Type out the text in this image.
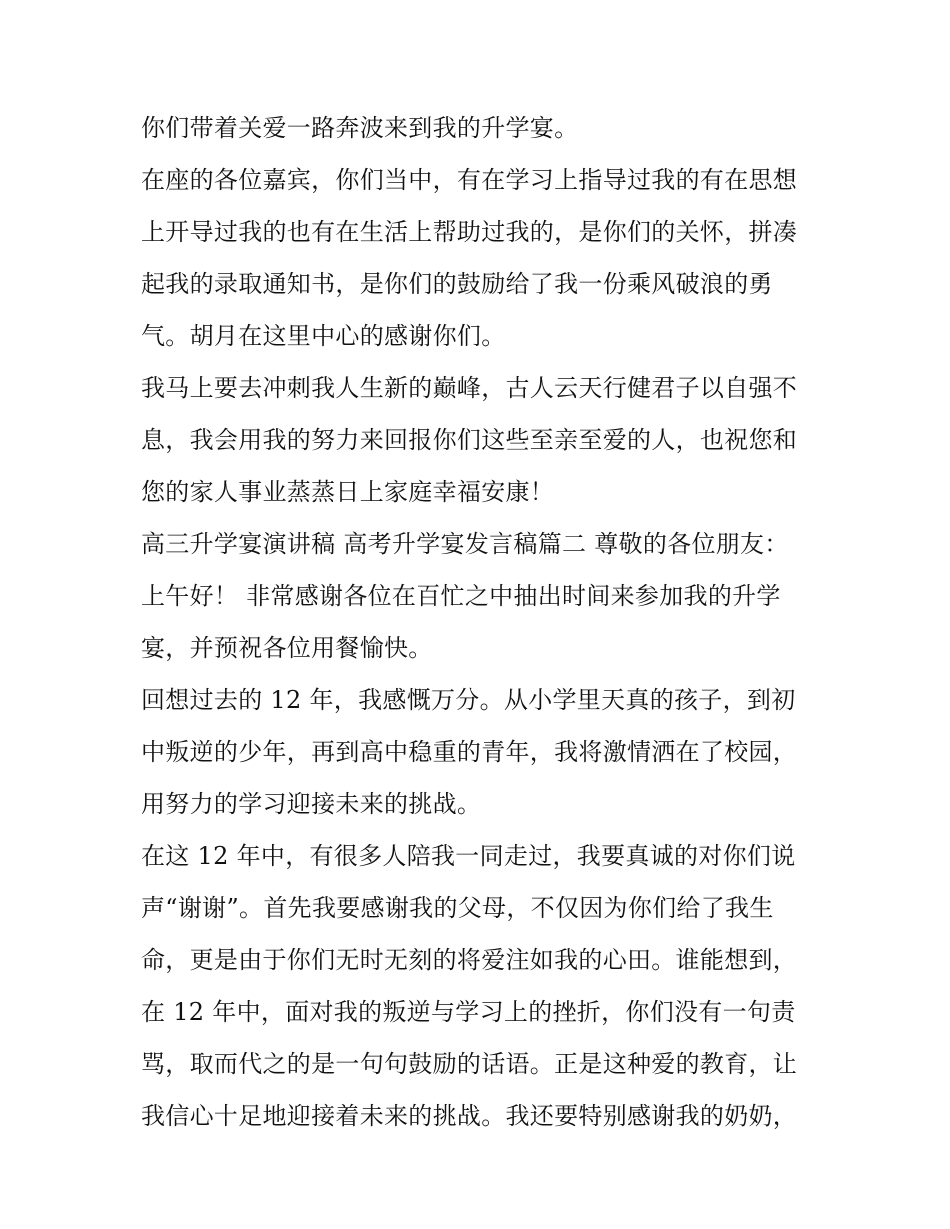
你们带着关爱一路奔波来到我的升学宴。
在座的各位嘉宾，你们当中，有在学习上指导过我的有在思想
上开导过我的也有在生活上帮助过我的，是你们的关怀，拼凑
起我的录取通知书，是你们的鼓励给了我一份乘风破浪的勇
气。胡月在这里中心的感谢你们。
我马上要去冲刺我人生新的巅峰，古人云天行健君子以自强不
息，我会用我的努力来回报你们这些至亲至爱的人，也祝您和
您的家人事业蒸蒸日上家庭幸福安康！
高三升学宴演讲稿 高考升学宴发言稿篇二 尊敬的各位朋友：
上午好！ 非常感谢各位在百忙之中抽出时间来参加我的升学
宴，并预祝各位用餐愉快。
回想过去的 12 年，我感慨万分。从小学里天真的孩子，到初
中叛逆的少年，再到高中稳重的青年，我将激情洒在了校园，
用努力的学习迎接未来的挑战。
在这 12 年中，有很多人陪我一同走过，我要真诚的对你们说
声“谢谢”。首先我要感谢我的父母，不仅因为你们给了我生
命，更是由于你们无时无刻的将爱注如我的心田。谁能想到，
在 12 年中，面对我的叛逆与学习上的挫折，你们没有一句责
骂，取而代之的是一句句鼓励的话语。正是这种爱的教育，让
我信心十足地迎接着未来的挑战。我还要特别感谢我的奶奶，
